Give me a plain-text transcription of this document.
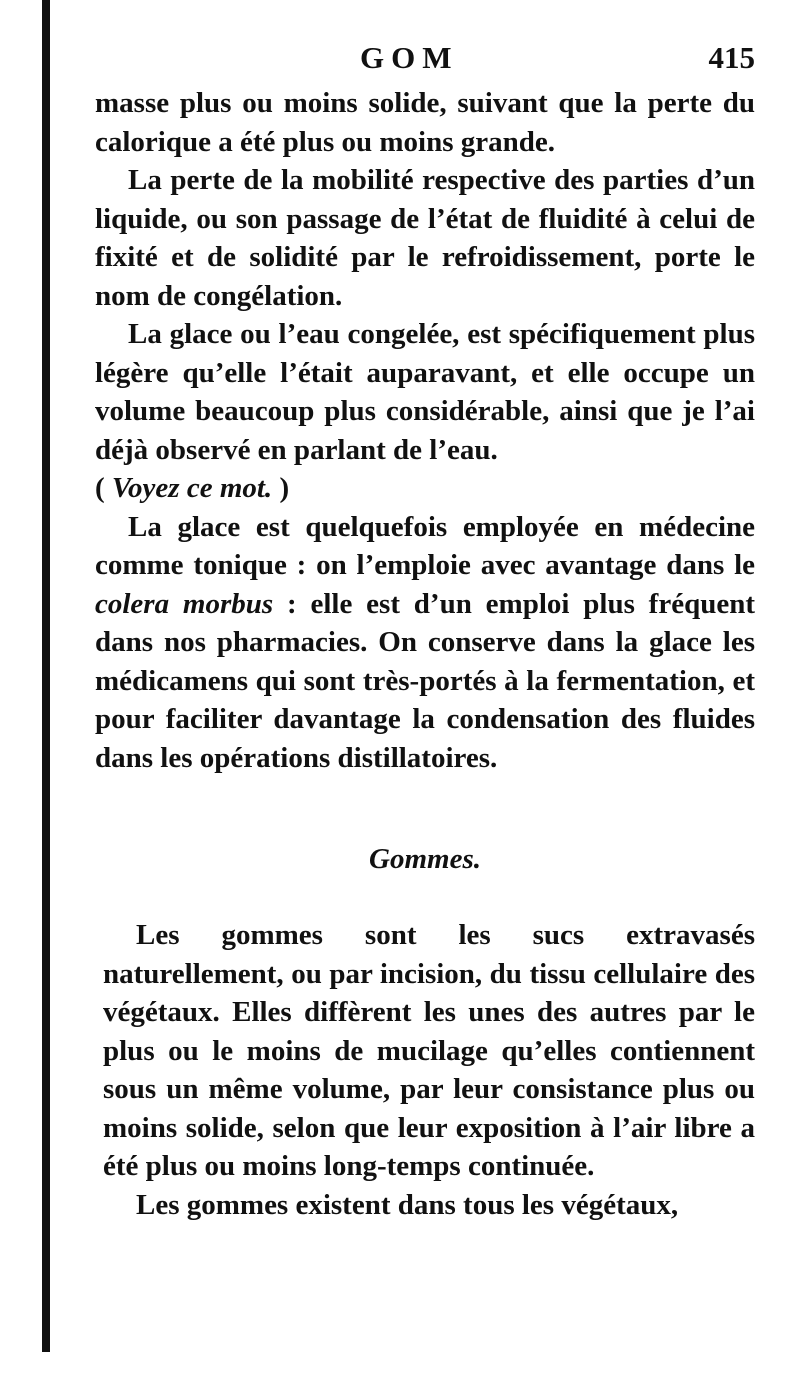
GOM	415

masse plus ou moins solide, suivant que la perte du calorique a été plus ou moins grande.

La perte de la mobilité respective des parties d’un liquide, ou son passage de l’état de fluidité à celui de fixité et de solidité par le refroidissement, porte le nom de congélation.

La glace ou l’eau congelée, est spécifiquement plus légère qu’elle l’était auparavant, et elle occupe un volume beaucoup plus considérable, ainsi que je l’ai déjà observé en parlant de l’eau.
( Voyez ce mot. )

La glace est quelquefois employée en médecine comme tonique : on l’emploie avec avantage dans le colera morbus : elle est d’un emploi plus fréquent dans nos pharmacies. On conserve dans la glace les médicamens qui sont très-portés à la fermentation, et pour faciliter davantage la condensation des fluides dans les opérations distillatoires.

Gommes.

Les gommes sont les sucs extravasés naturellement, ou par incision, du tissu cellulaire des végétaux. Elles diffèrent les unes des autres par le plus ou le moins de mucilage qu’elles contiennent sous un même volume, par leur consistance plus ou moins solide, selon que leur exposition à l’air libre a été plus ou moins long-temps continuée.

Les gommes existent dans tous les végétaux,
